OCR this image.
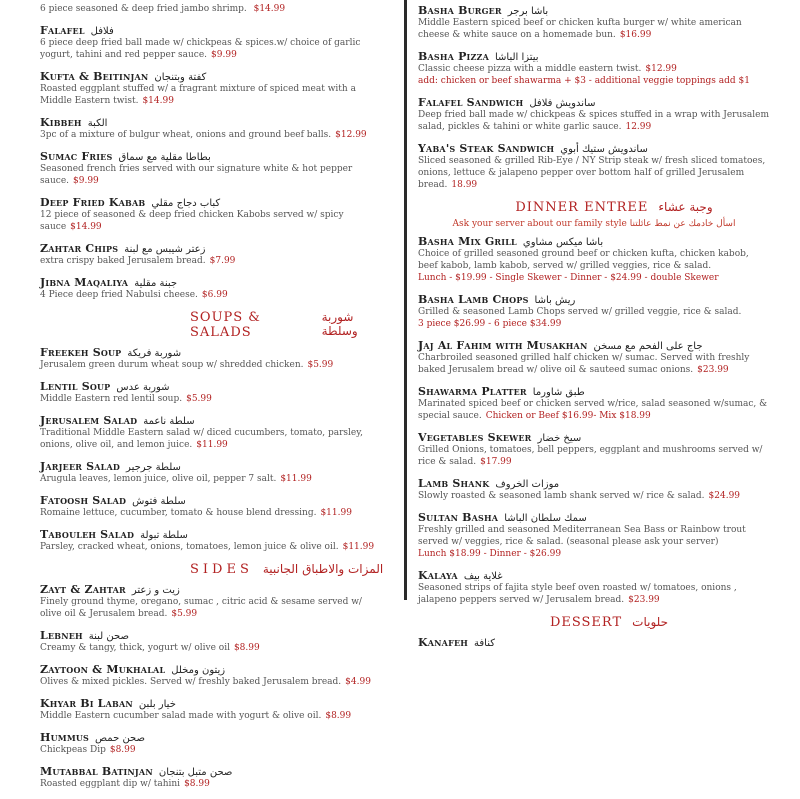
6 piece seasoned & deep fried jambo shrimp. $14.99
Falafel فلافل
6 piece deep fried ball made w/ chickpeas & spices.w/ choice of garlic yogurt, tahini and red pepper sauce. $9.99
Kufta & Beitinjan كفتة وبتنجان
Roasted eggplant stuffed w/ a fragrant mixture of spiced meat with a Middle Eastern twist. $14.99
Kibbeh الكبة
3pc of a mixture of bulgur wheat, onions and ground beef balls. $12.99
Sumac Fries بطاطا مقلية مع سماق
Seasoned french fries served with our signature white & hot pepper sauce. $9.99
Deep Fried Kabab كباب دجاج مقلي
12 piece of seasoned & deep fried chicken Kabobs served w/ spicy sauce $14.99
Zahtar Chips زعتر شيبس مع لبنة
extra crispy baked Jerusalem bread. $7.99
Jibna Maqaliya جبنة مقلية
4 Piece deep fried Nabulsi cheese. $6.99
SOUPS & SALADS
شوربة وسلطة
Freekeh Soup شوربة فريكة
Jerusalem green durum wheat soup w/ shredded chicken. $5.99
Lentil Soup شوربة عدس
Middle Eastern red lentil soup. $5.99
Jerusalem Salad سلطة ناعمة
Traditional Middle Eastern salad w/ diced cucumbers, tomato, parsley, onions, olive oil, and lemon juice. $11.99
Jarjeer Salad سلطة جرجير
Arugula leaves, lemon juice, olive oil, pepper 7 salt. $11.99
Fatoosh Salad سلطة فتوش
Romaine lettuce, cucumber, tomato & house blend dressing. $11.99
Tabouleh Salad سلطة تبولة
Parsley, cracked wheat, onions, tomatoes, lemon juice & olive oil. $11.99
SIDES المزات والاطباق الجانبية
Zayt & Zahtar زيت و زعتر
Finely ground thyme, oregano, sumac , citric acid & sesame served w/ olive oil & Jerusalem bread. $5.99
Lebneh صحن لبنة
Creamy & tangy, thick, yogurt w/ olive oil $8.99
Zaytoon & Mukhalal زيتون ومخلل
Olives & mixed pickles. Served w/ freshly baked Jerusalem bread. $4.99
Khyar Bi Laban خيار بلبن
Middle Eastern cucumber salad made with yogurt & olive oil. $8.99
Hummus صحن حمص
Chickpeas Dip $8.99
Mutabbal Batinjan صحن متبل بتنجان
Roasted eggplant dip w/ tahini $8.99
Basha Burger باشا برجر
Middle Eastern spiced beef or chicken kufta burger w/ white american cheese & white sauce on a homemade bun. $16.99
Basha Pizza بيتزا الباشا
Classic cheese pizza with a middle eastern twist. $12.99
add: chicken or beef shawarma + $3 - additional veggie toppings add $1
Falafel Sandwich ساندويش فلافل
Deep fried ball made w/ chickpeas & spices stuffed in a wrap with Jerusalem salad, pickles & tahini or white garlic sauce. 12.99
Yaba's Steak Sandwich ساندويش ستيك أبوي
Sliced seasoned & grilled Rib-Eye / NY Strip steak w/ fresh sliced tomatoes, onions, lettuce & jalapeno pepper over bottom half of grilled Jerusalem bread. 18.99
DINNER ENTREE وجبة عشاء
Ask your server about our family style اسأل خادمك عن نمط عائلتنا
Basha Mix Grill باشا ميكس مشاوي
Choice of grilled seasoned ground beef or chicken kufta, chicken kabob, beef kabob, lamb kabob, served w/ grilled veggies, rice & salad.
Lunch - $19.99 - Single Skewer - Dinner - $24.99 - double Skewer
Basha Lamb Chops ريش باشا
Grilled & seasoned Lamb Chops served w/ grilled veggie, rice & salad.
3 piece $26.99 - 6 piece $34.99
Jaj Al Fahim with Musakhan جاج على الفحم مع مسخن
Charbroiled seasoned grilled half chicken w/ sumac. Served with freshly baked Jerusalem bread w/ olive oil & sauteed sumac onions. $23.99
Shawarma Platter طبق شاورما
Marinated spiced beef or chicken served w/rice, salad seasoned w/sumac, & special sauce. Chicken or Beef $16.99- Mix $18.99
Vegetables Skewer سيخ خضار
Grilled Onions, tomatoes, bell peppers, eggplant and mushrooms served w/ rice & salad. $17.99
Lamb Shank موزات الخروف
Slowly roasted & seasoned lamb shank served w/ rice & salad. $24.99
Sultan Basha سمك سلطان الباشا
Freshly grilled and seasoned Mediterranean Sea Bass or Rainbow trout served w/ veggies, rice & salad. (seasonal please ask your server)
Lunch $18.99 - Dinner - $26.99
Kalaya غلاية بيف
Seasoned strips of fajita style beef oven roasted w/ tomatoes, onions , jalapeno peppers served w/ Jerusalem bread. $23.99
DESSERT حلويات
Kanafeh كنافة
